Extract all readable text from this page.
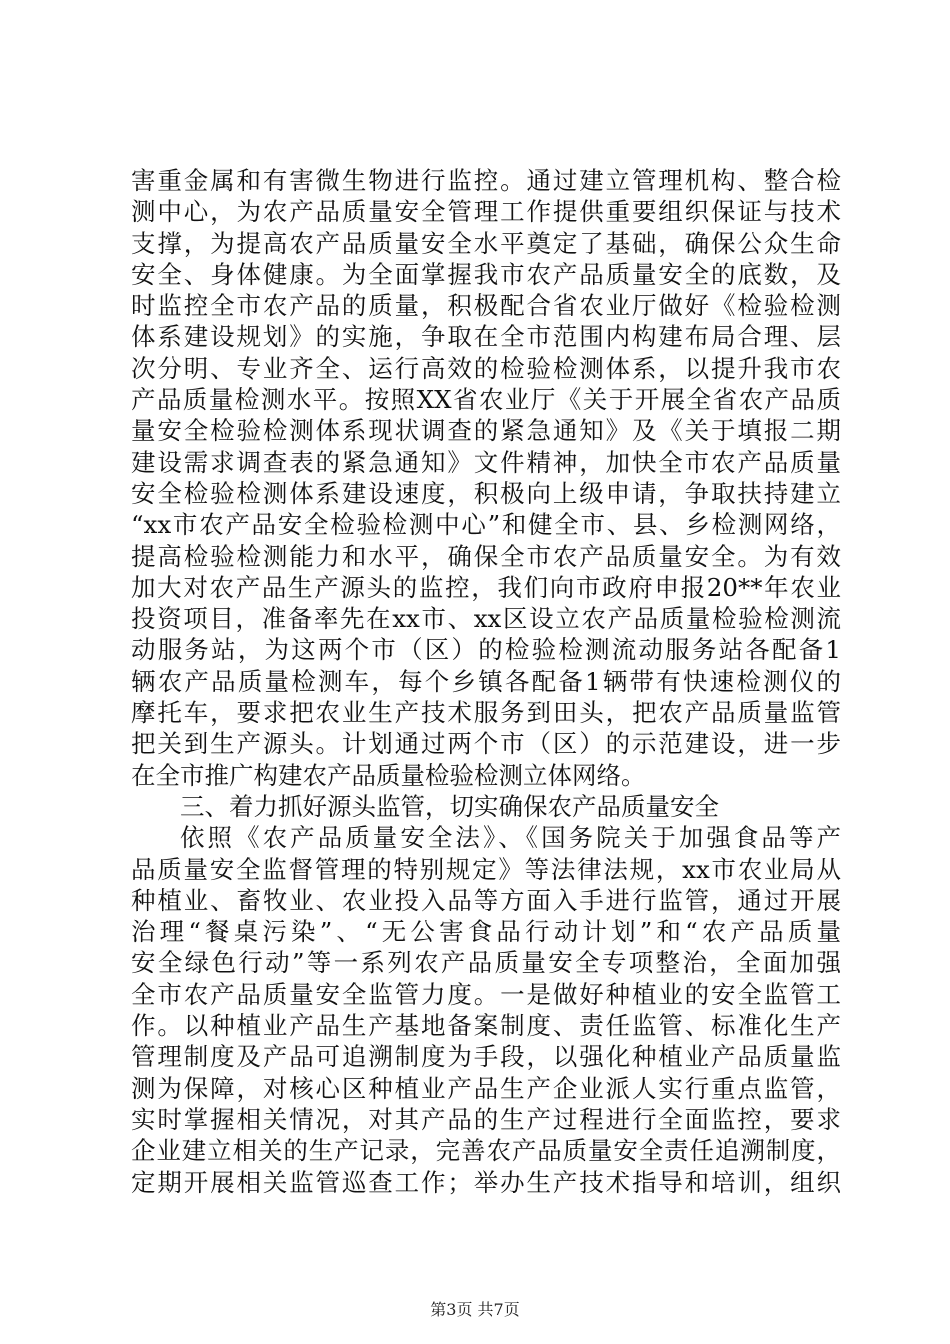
害重金属和有害微生物进行监控。通过建立管理机构、整合检
测中心，为农产品质量安全管理工作提供重要组织保证与技术
支撑，为提高农产品质量安全水平奠定了基础，确保公众生命
安全、身体健康。为全面掌握我市农产品质量安全的底数，及
时监控全市农产品的质量，积极配合省农业厅做好《检验检测
体系建设规划》的实施，争取在全市范围内构建布局合理、层
次分明、专业齐全、运行高效的检验检测体系，以提升我市农
产品质量检测水平。按照XX省农业厅《关于开展全省农产品质
量安全检验检测体系现状调查的紧急通知》及《关于填报二期
建设需求调查表的紧急通知》文件精神，加快全市农产品质量
安全检验检测体系建设速度，积极向上级申请，争取扶持建立
“xx市农产品安全检验检测中心”和健全市、县、乡检测网络，
提高检验检测能力和水平，确保全市农产品质量安全。为有效
加大对农产品生产源头的监控，我们向市政府申报20**年农业
投资项目，准备率先在xx市、xx区设立农产品质量检验检测流
动服务站，为这两个市（区）的检验检测流动服务站各配备1
辆农产品质量检测车，每个乡镇各配备1辆带有快速检测仪的
摩托车，要求把农业生产技术服务到田头，把农产品质量监管
把关到生产源头。计划通过两个市（区）的示范建设，进一步
在全市推广构建农产品质量检验检测立体网络。
三、着力抓好源头监管，切实确保农产品质量安全
依照《农产品质量安全法》、《国务院关于加强食品等产
品质量安全监督管理的特别规定》等法律法规，xx市农业局从
种植业、畜牧业、农业投入品等方面入手进行监管，通过开展
治理“餐桌污染”、“无公害食品行动计划”和“农产品质量
安全绿色行动”等一系列农产品质量安全专项整治，全面加强
全市农产品质量安全监管力度。一是做好种植业的安全监管工
作。以种植业产品生产基地备案制度、责任监管、标准化生产
管理制度及产品可追溯制度为手段，以强化种植业产品质量监
测为保障，对核心区种植业产品生产企业派人实行重点监管，
实时掌握相关情况，对其产品的生产过程进行全面监控，要求
企业建立相关的生产记录，完善农产品质量安全责任追溯制度，
定期开展相关监管巡查工作；举办生产技术指导和培训，组织
第3页 共7页
